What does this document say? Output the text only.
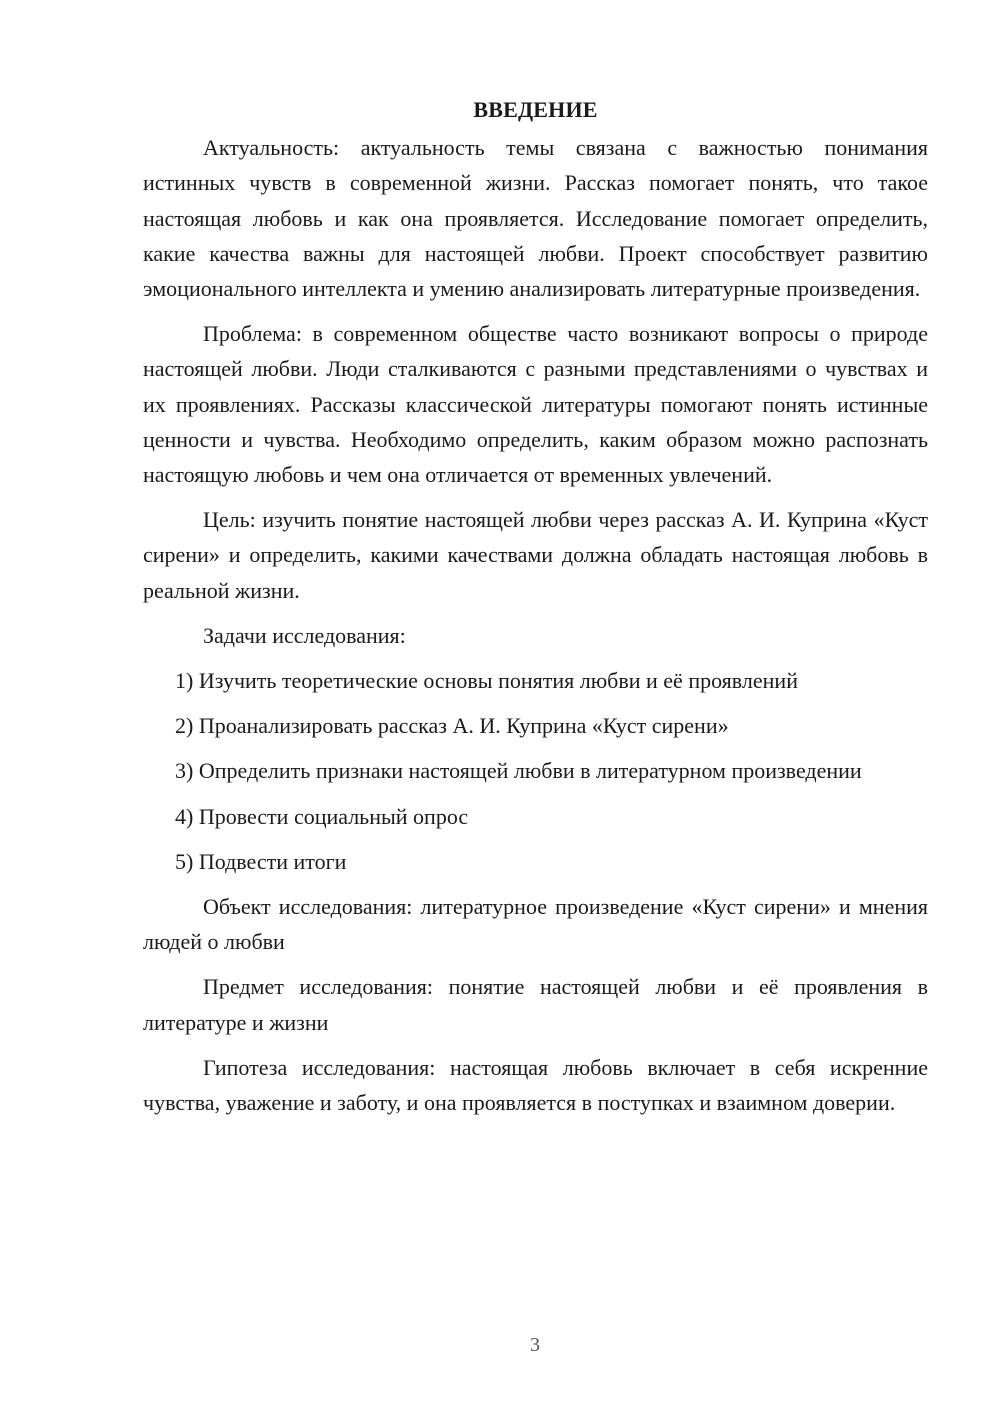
ВВЕДЕНИЕ

Актуальность: актуальность темы связана с важностью понимания истинных чувств в современной жизни. Рассказ помогает понять, что такое настоящая любовь и как она проявляется. Исследование помогает определить, какие качества важны для настоящей любви. Проект способствует развитию эмоционального интеллекта и умению анализировать литературные произведения.

Проблема: в современном обществе часто возникают вопросы о природе настоящей любви. Люди сталкиваются с разными представлениями о чувствах и их проявлениях. Рассказы классической литературы помогают понять истинные ценности и чувства. Необходимо определить, каким образом можно распознать настоящую любовь и чем она отличается от временных увлечений.

Цель: изучить понятие настоящей любви через рассказ А. И. Куприна «Куст сирени» и определить, какими качествами должна обладать настоящая любовь в реальной жизни.

Задачи исследования:

1) Изучить теоретические основы понятия любви и её проявлений

2) Проанализировать рассказ А. И. Куприна «Куст сирени»

3) Определить признаки настоящей любви в литературном произведении

4) Провести социальный опрос

5) Подвести итоги

Объект исследования: литературное произведение «Куст сирени» и мнения людей о любви

Предмет исследования: понятие настоящей любви и её проявления в литературе и жизни

Гипотеза исследования: настоящая любовь включает в себя искренние чувства, уважение и заботу, и она проявляется в поступках и взаимном доверии.

3
